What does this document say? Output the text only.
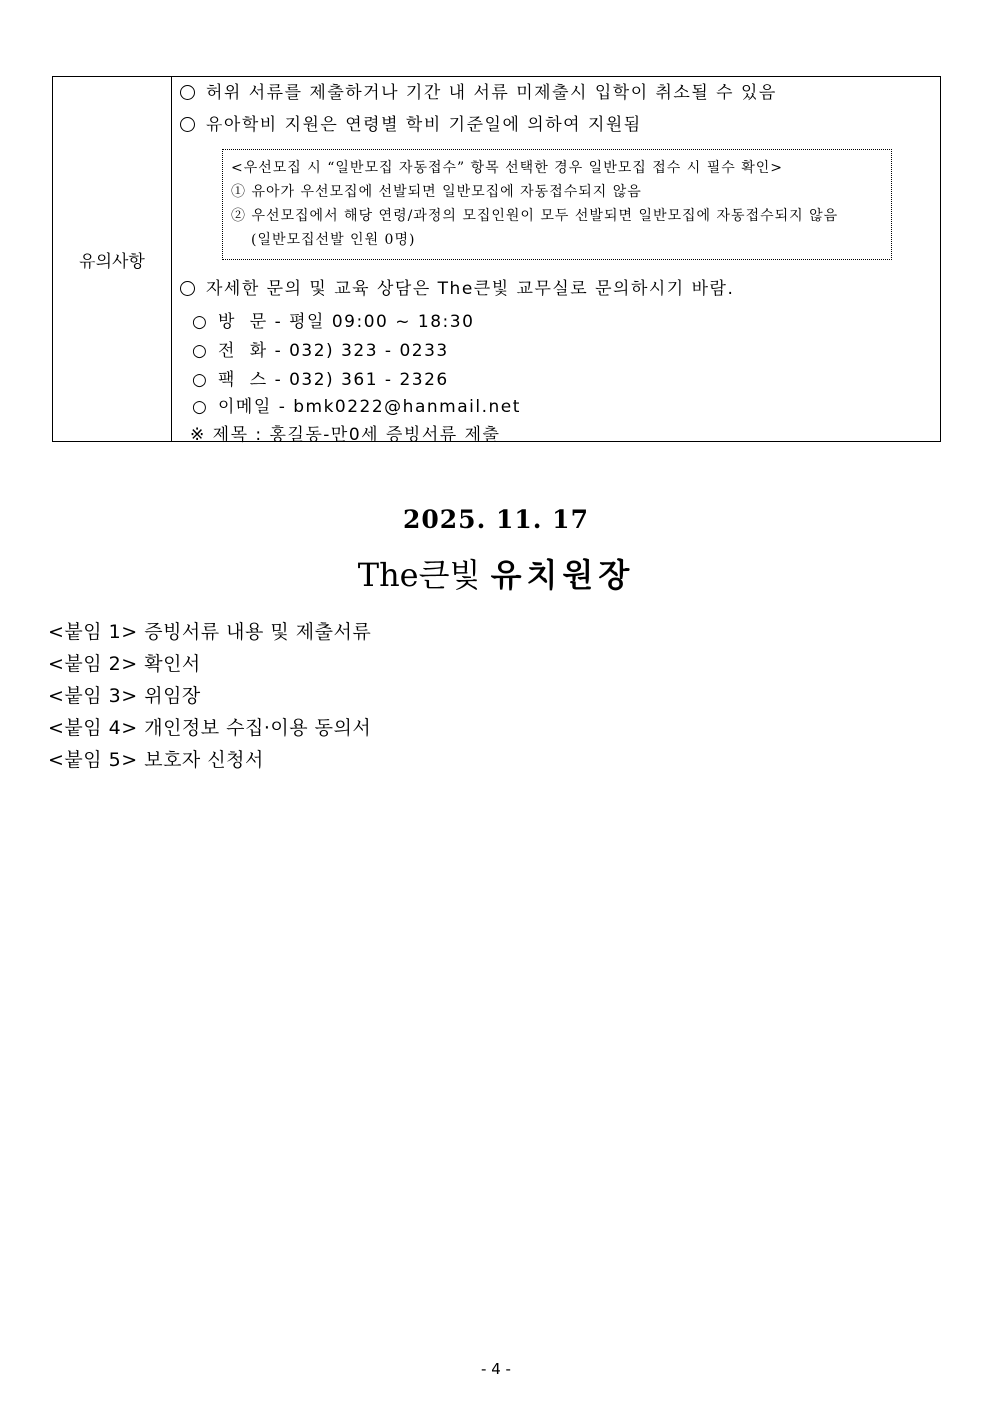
유의사항
허위 서류를 제출하거나 기간 내 서류 미제출시 입학이 취소될 수 있음
유아학비 지원은 연령별 학비 기준일에 의하여 지원됨
<우선모집 시 “일반모집 자동접수” 항목 선택한 경우 일반모집 접수 시 필수 확인>
① 유아가 우선모집에 선발되면 일반모집에 자동접수되지 않음
② 우선모집에서 해당 연령/과정의 모집인원이 모두 선발되면 일반모집에 자동접수되지 않음
(일반모집선발 인원 0명)
자세한 문의 및 교육 상담은 The큰빛 교무실로 문의하시기 바람.
○ 방  문 - 평일 09:00 ~ 18:30
○ 전  화 - 032) 323 - 0233
○ 팩  스 - 032) 361 - 2326
○ 이메일 - bmk0222@hanmail.net
※ 제목 : 홍길동-만0세 증빙서류 제출
2025. 11. 17
The큰빛 유치원장
<붙임 1> 증빙서류 내용 및 제출서류
<붙임 2> 확인서
<붙임 3> 위임장
<붙임 4> 개인정보 수집·이용 동의서
<붙임 5> 보호자 신청서
- 4 -
